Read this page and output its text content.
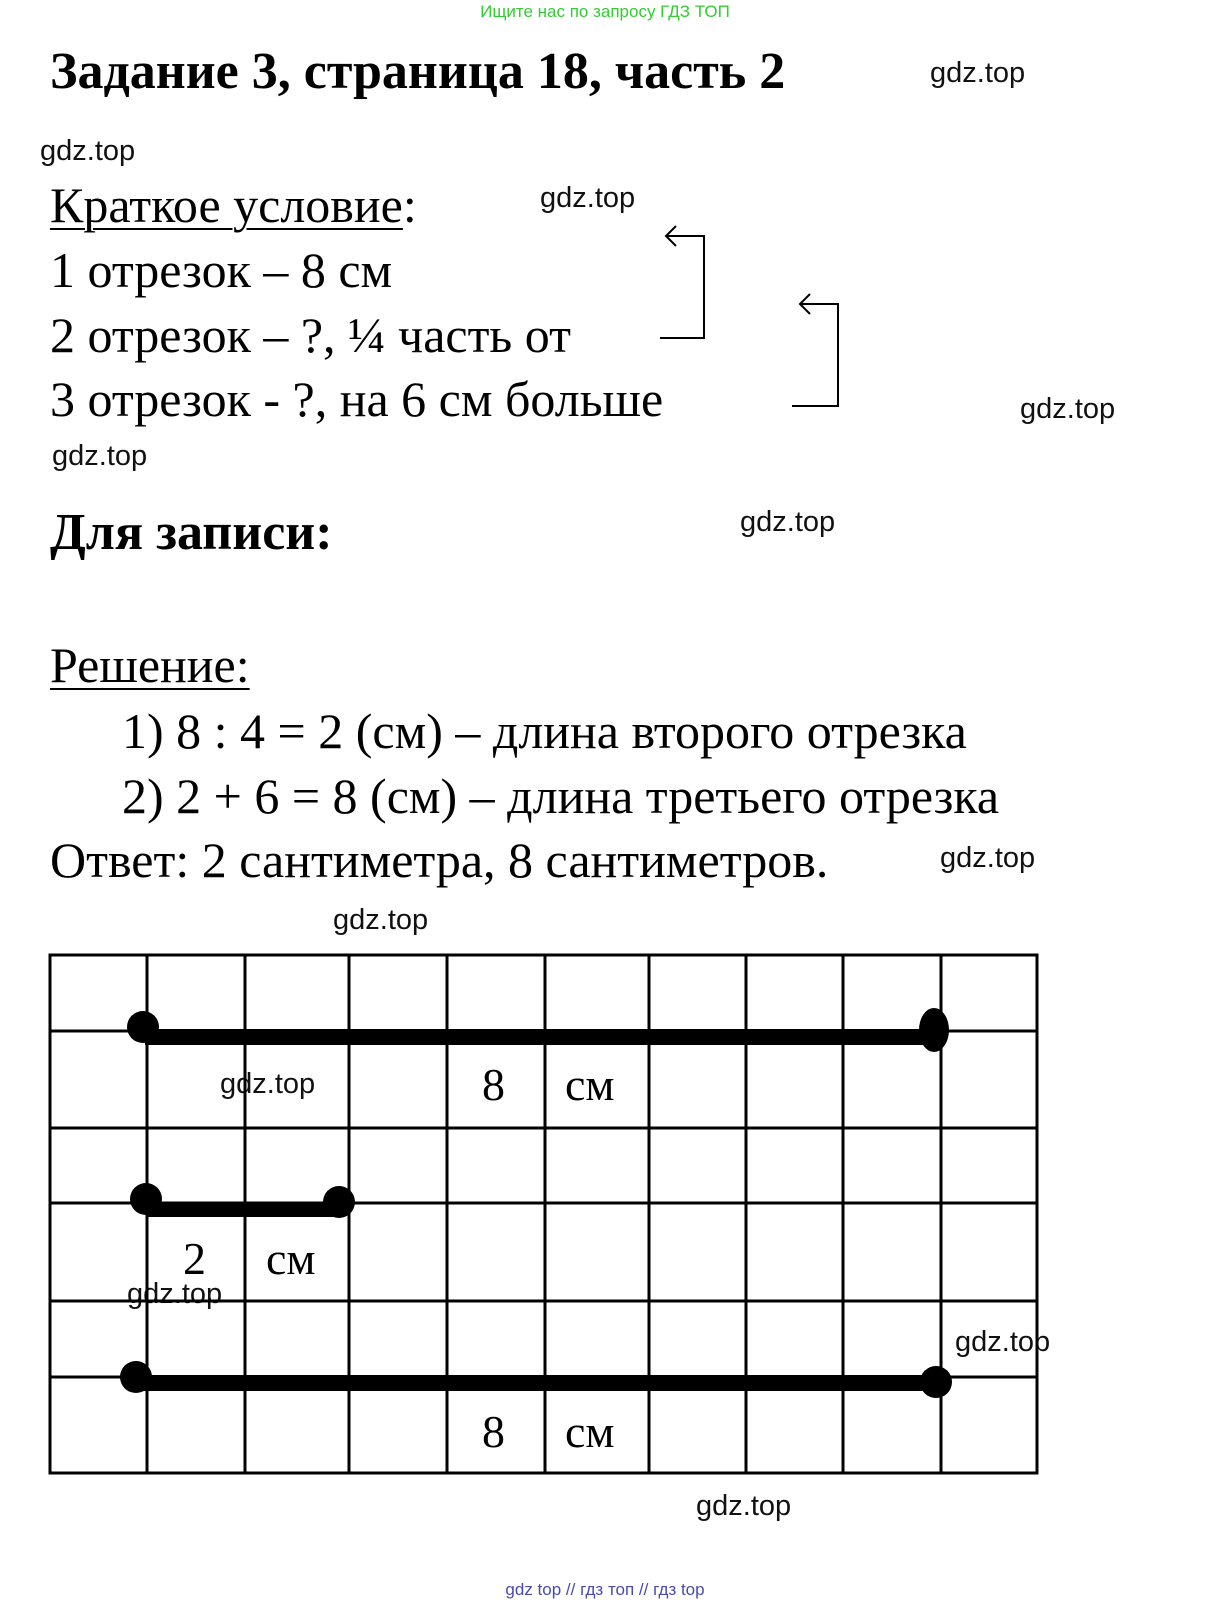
Ищите нас по запросу ГДЗ ТОП
Задание 3, страница 18, часть 2	gdz.top
gdz.top
gdz.top
gdz.top
gdz.top
gdz.top
gdz.top
gdz.top
gdz.top
gdz.top
gdz.top
gdz.top
Краткое условие:
1 отрезок – 8 см
2 отрезок – ?, ¼ часть от
3 отрезок - ?, на 6 см больше
Для записи:
Решение:
1) 8 : 4 = 2 (см) – длина второго отрезка
2) 2 + 6 = 8 (см) – длина третьего отрезка
Ответ: 2 сантиметра, 8 сантиметров.
8 см
2 см
8 см
gdz top // гдз топ // гдз top
